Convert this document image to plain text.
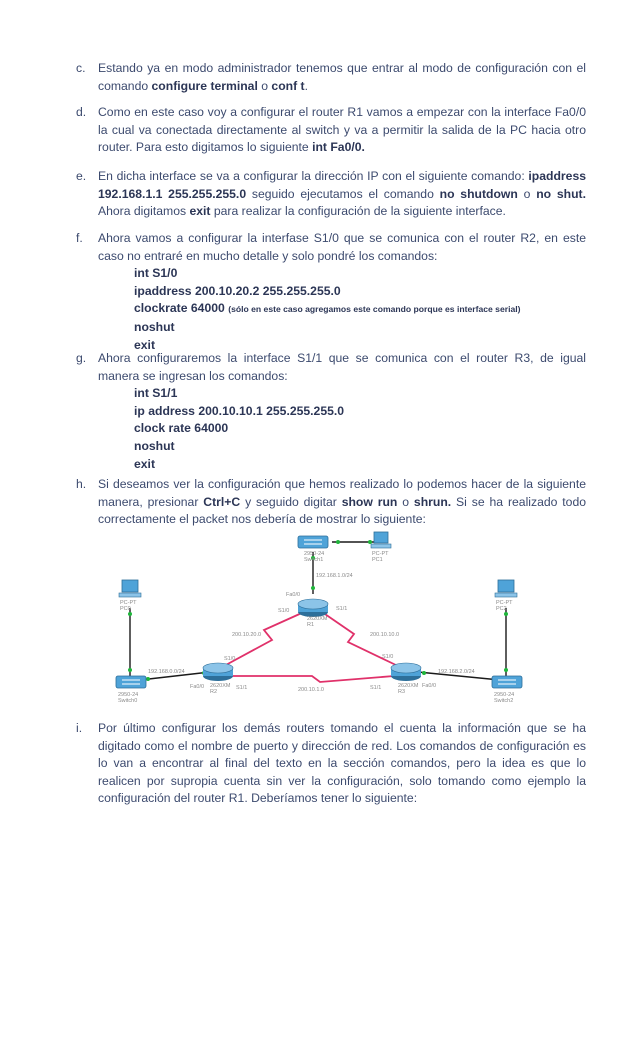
c. Estando ya en modo administrador tenemos que entrar al modo de configuración con el comando configure terminal o conf t.
d. Como en este caso voy a configurar el router R1 vamos a empezar con la interface Fa0/0 la cual va conectada directamente al switch y va a permitir la salida de la PC hacia otro router. Para esto digitamos lo siguiente int Fa0/0.
e. En dicha interface se va a configurar la dirección IP con el siguiente comando: ipaddress 192.168.1.1 255.255.255.0 seguido ejecutamos el comando no shutdown o no shut. Ahora digitamos exit para realizar la configuración de la siguiente interface.
f. Ahora vamos a configurar la interfase S1/0 que se comunica con el router R2, en este caso no entraré en mucho detalle y solo pondré los comandos:
int S1/0
ipaddress 200.10.20.2 255.255.255.0
clockrate 64000 (sólo en este caso agregamos este comando porque es interface serial)
noshut
exit
g. Ahora configuraremos la interface S1/1 que se comunica con el router R3, de igual manera se ingresan los comandos:
int S1/1
ip address 200.10.10.1 255.255.255.0
clock rate 64000
noshut
exit
h. Si deseamos ver la configuración que hemos realizado lo podemos hacer de la siguiente manera, presionar Ctrl+C y seguido digitar show run o shrun. Si se ha realizado todo correctamente el packet nos debería de mostrar lo siguiente:
2950-24 Switch1
PC-PT PC1
192.168.1.0/24
PC-PT PC0
PC-PT PC2
Fa0/0
2620XM R1
S1/0	S1/1
200.10.20.0	200.10.10.0
S1/0
S1/1
2620XM R2
Fa0/0
192.168.0.0/24
2950-24 Switch0
200.10.1.0
S1/0
S1/1	2620XM R3
Fa0/0
192.168.2.0/24
2950-24 Switch2
i. Por último configurar los demás routers tomando el cuenta la información que se ha digitado como el nombre de puerto y dirección de red. Los comandos de configuración es lo van a encontrar al final del texto en la sección comandos, pero la idea es que lo realicen por supropia cuenta sin ver la configuración, solo tomando como ejemplo la configuración del router R1. Deberíamos tener lo siguiente:
